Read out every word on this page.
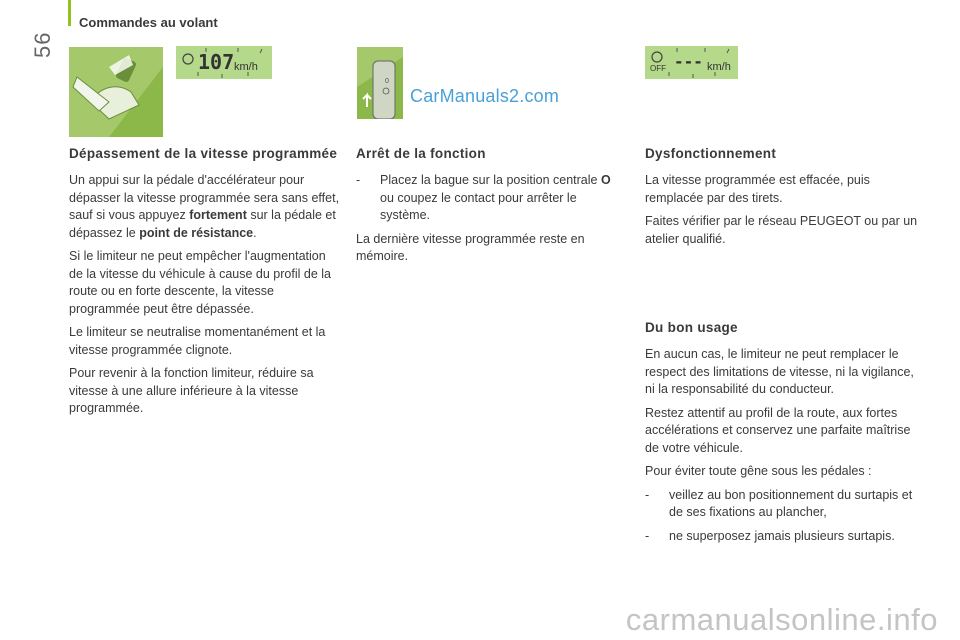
Commandes au volant
56
107 km/h
0
CarManuals2.com
OFF --- km/h
Dépassement de la vitesse programmée

Un appui sur la pédale d'accélérateur pour dépasser la vitesse programmée sera sans effet, sauf si vous appuyez fortement sur la pédale et dépassez le point de résistance.

Si le limiteur ne peut empêcher l'augmentation de la vitesse du véhicule à cause du profil de la route ou en forte descente, la vitesse programmée peut être dépassée.

Le limiteur se neutralise momentanément et la vitesse programmée clignote.

Pour revenir à la fonction limiteur, réduire sa vitesse à une allure inférieure à la vitesse programmée.

Arrêt de la fonction
-	Placez la bague sur la position centrale O ou coupez le contact pour arrêter le système.

La dernière vitesse programmée reste en mémoire.

Dysfonctionnement

La vitesse programmée est effacée, puis remplacée par des tirets.

Faites vérifier par le réseau PEUGEOT ou par un atelier qualifié.

Du bon usage

En aucun cas, le limiteur ne peut remplacer le respect des limitations de vitesse, ni la vigilance, ni la responsabilité du conducteur.

Restez attentif au profil de la route, aux fortes accélérations et conservez une parfaite maîtrise de votre véhicule.

Pour éviter toute gêne sous les pédales :

-	veillez au bon positionnement du surtapis et de ses fixations au plancher,
-	ne superposez jamais plusieurs surtapis.
carmanualsonline.info
